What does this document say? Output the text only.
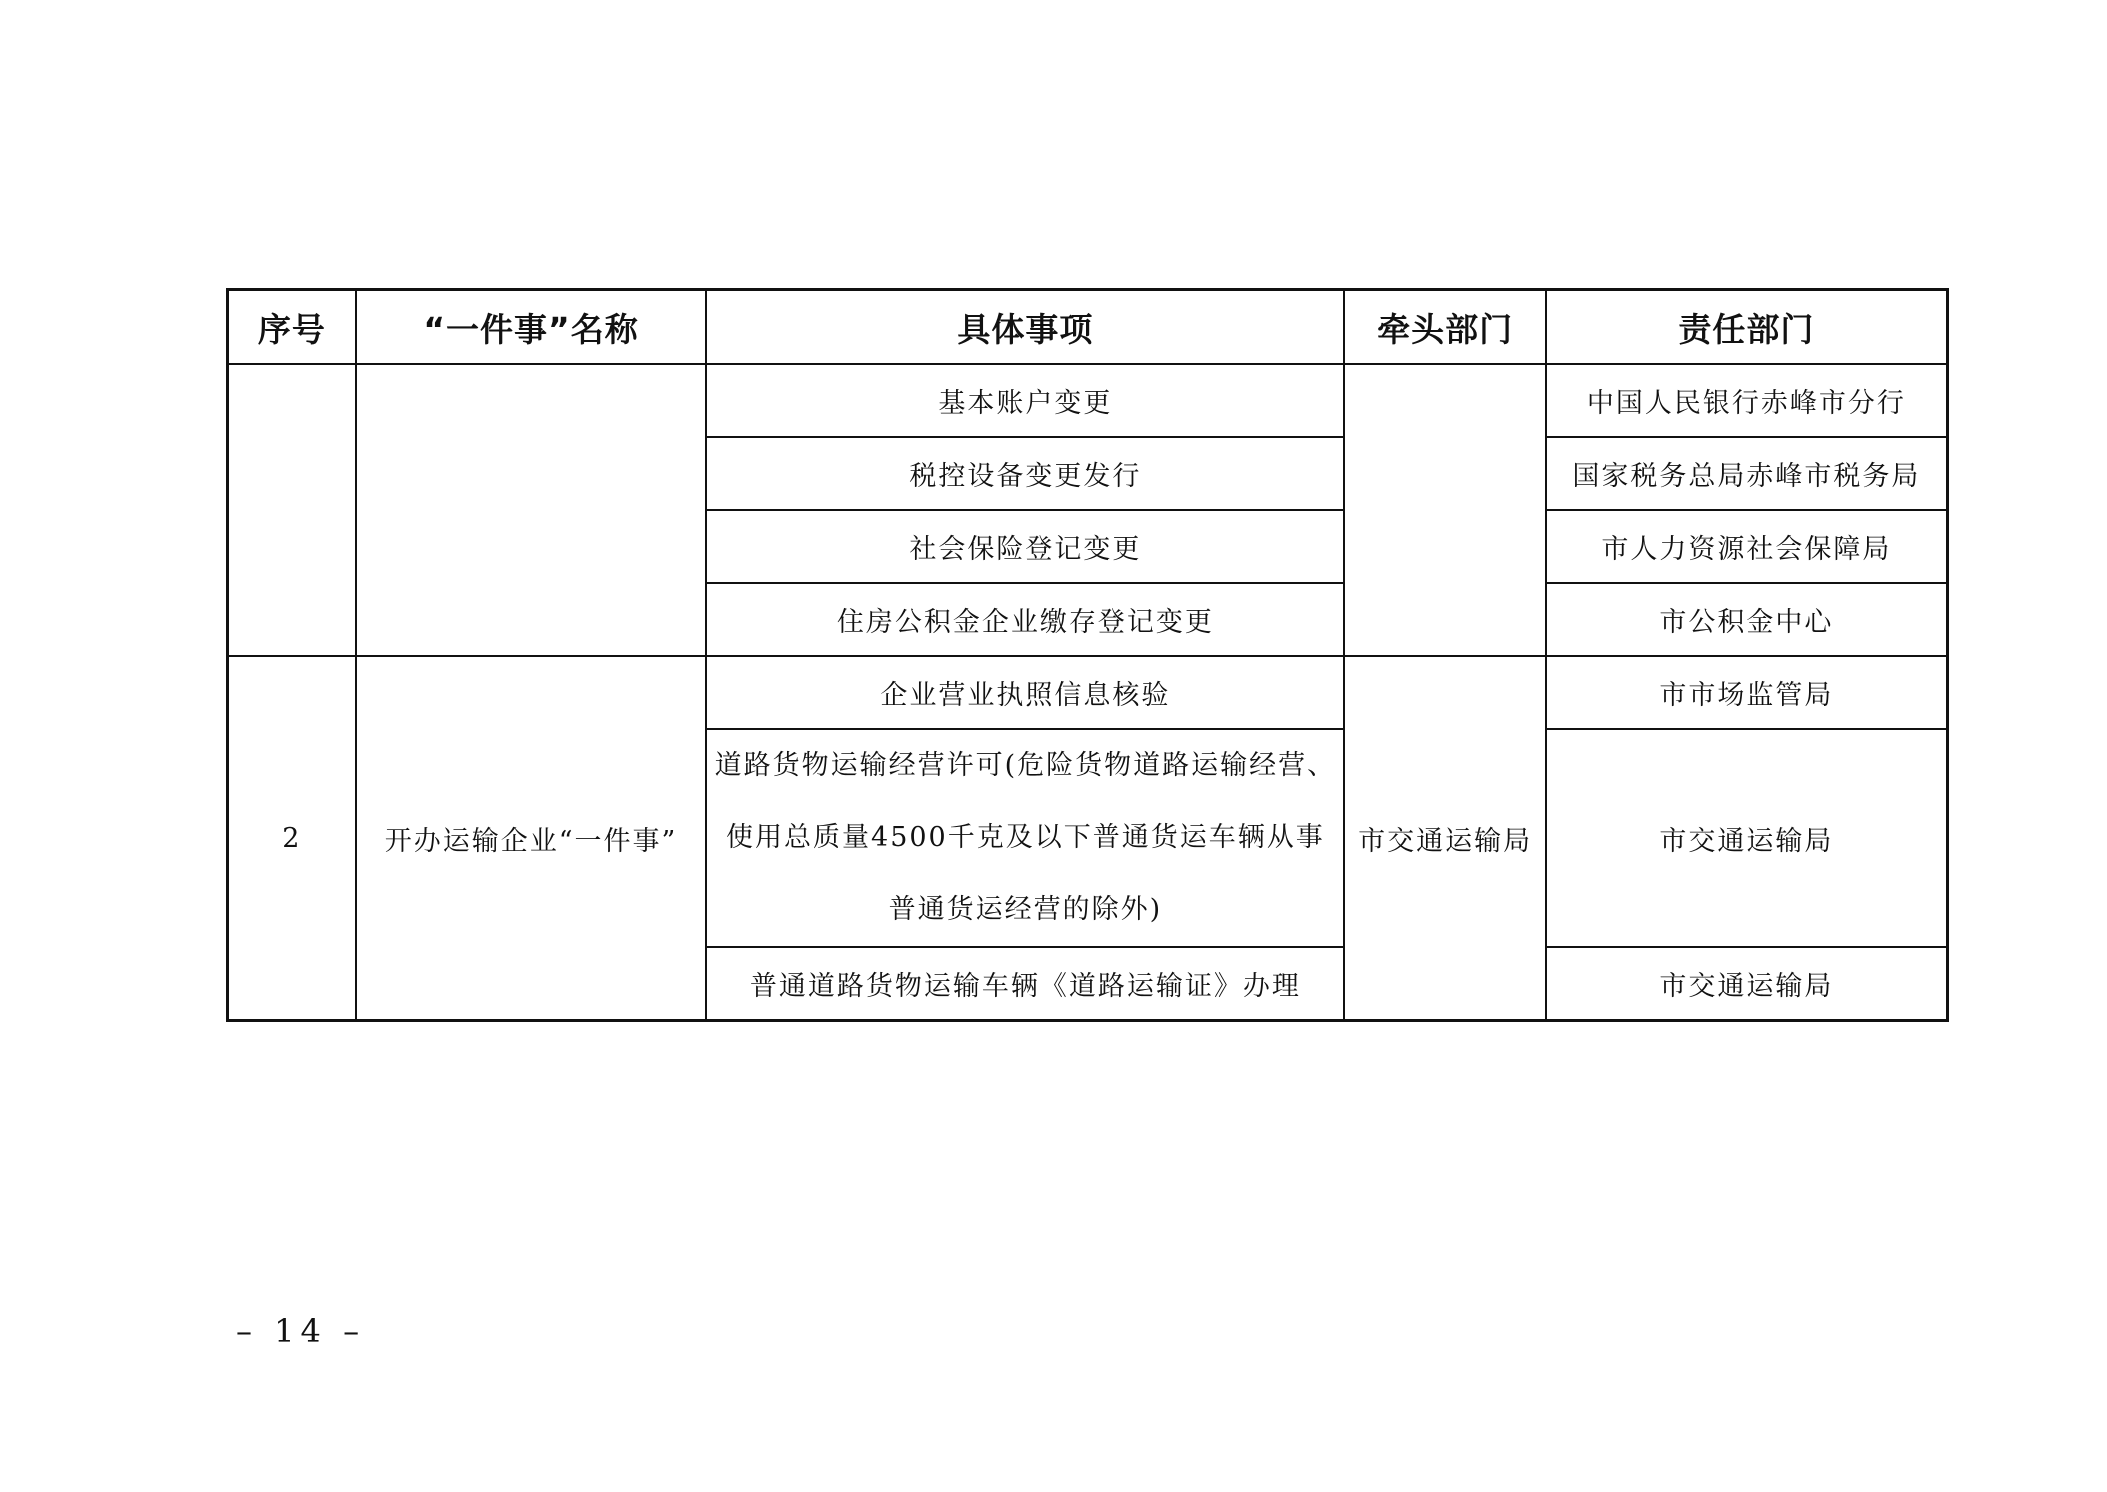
序号	“一件事”名称	具体事项	牵头部门	责任部门
		基本账户变更		中国人民银行赤峰市分行
		税控设备变更发行		国家税务总局赤峰市税务局
		社会保险登记变更		市人力资源社会保障局
		住房公积金企业缴存登记变更		市公积金中心
2	开办运输企业“一件事”	企业营业执照信息核验	市交通运输局	市市场监管局
		道路货物运输经营许可(危险货物道路运输经营、使用总质量4500千克及以下普通货运车辆从事普通货运经营的除外)		市交通运输局
		普通道路货物运输车辆《道路运输证》办理		市交通运输局
– 14 –
